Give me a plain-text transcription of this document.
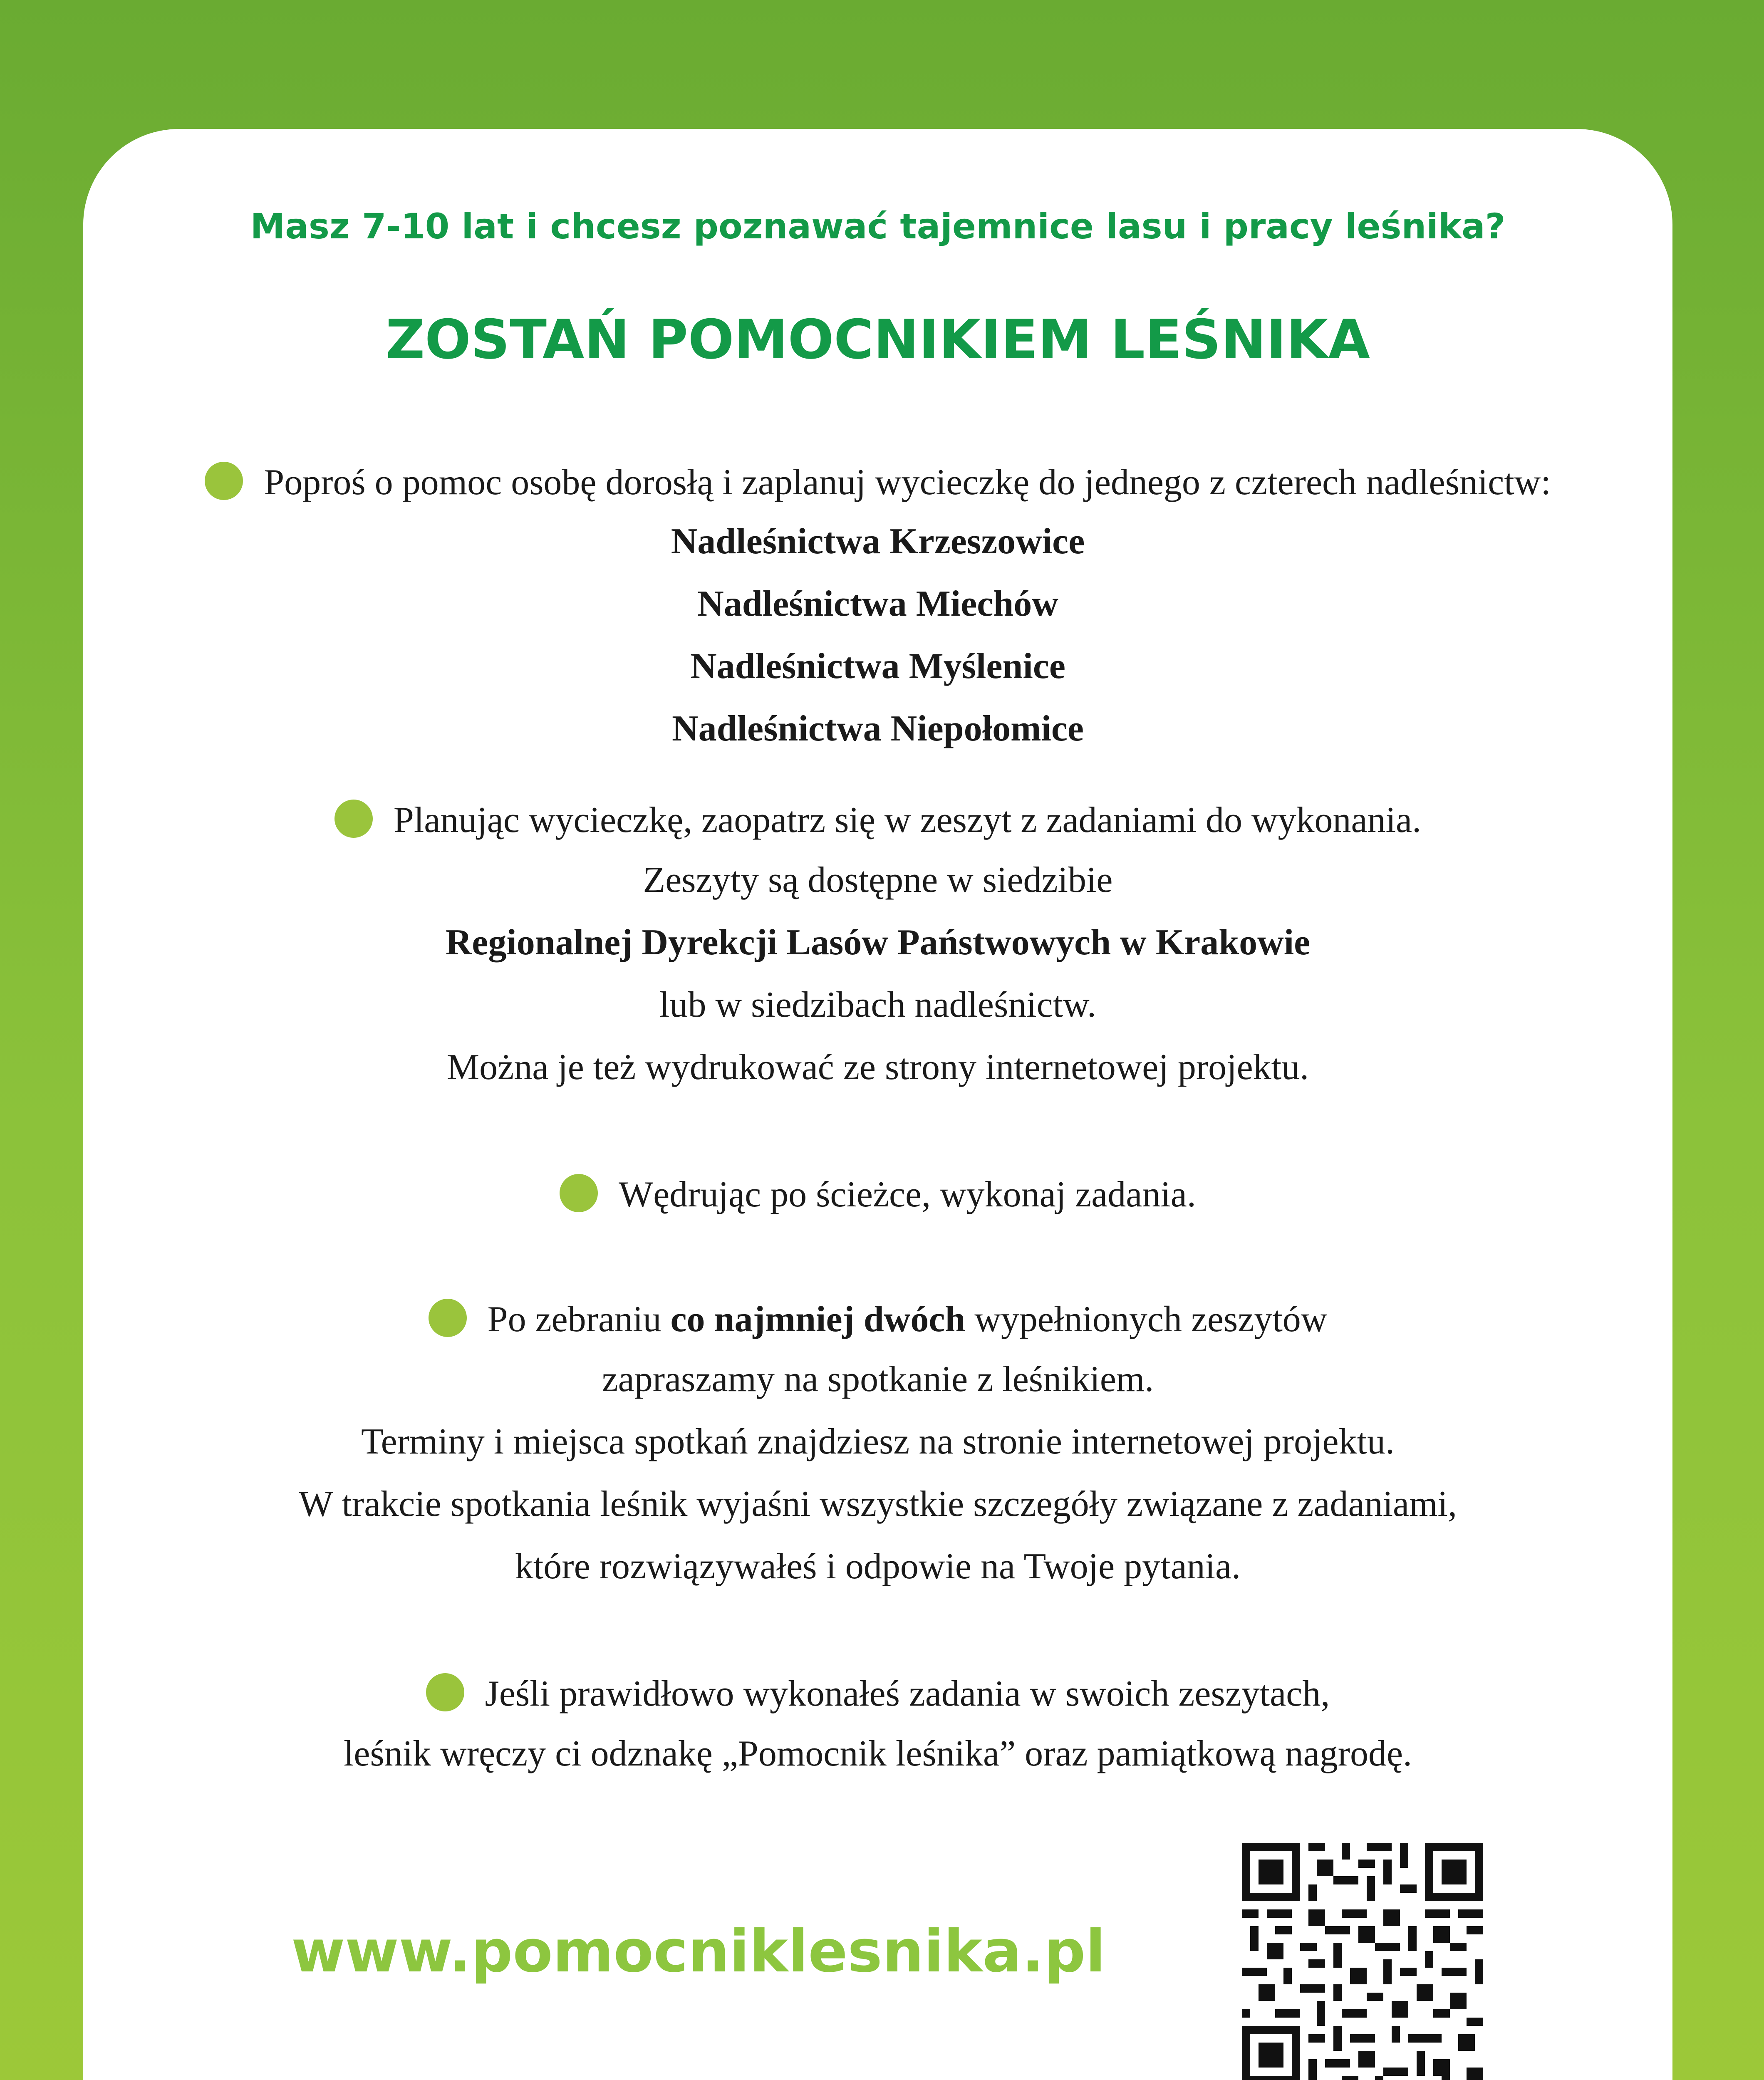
Masz 7-10 lat i chcesz poznawać tajemnice lasu i pracy leśnika?
ZOSTAŃ POMOCNIKIEM LEŚNIKA
Poproś o pomoc osobę dorosłą i zaplanuj wycieczkę do jednego z czterech nadleśnictw:
Nadleśnictwa Krzeszowice
Nadleśnictwa Miechów
Nadleśnictwa Myślenice
Nadleśnictwa Niepołomice
Planując wycieczkę, zaopatrz się w zeszyt z zadaniami do wykonania.
Zeszyty są dostępne w siedzibie
Regionalnej Dyrekcji Lasów Państwowych w Krakowie
lub w siedzibach nadleśnictw.
Można je też wydrukować ze strony internetowej projektu.
Wędrując po ścieżce, wykonaj zadania.
Po zebraniu co najmniej dwóch wypełnionych zeszytów
zapraszamy na spotkanie z leśnikiem.
Terminy i miejsca spotkań znajdziesz na stronie internetowej projektu.
W trakcie spotkania leśnik wyjaśni wszystkie szczegóły związane z zadaniami,
które rozwiązywałeś i odpowie na Twoje pytania.
Jeśli prawidłowo wykonałeś zadania w swoich zeszytach,
leśnik wręczy ci odznakę „Pomocnik leśnika” oraz pamiątkową nagrodę.
www.pomocniklesnika.pl
